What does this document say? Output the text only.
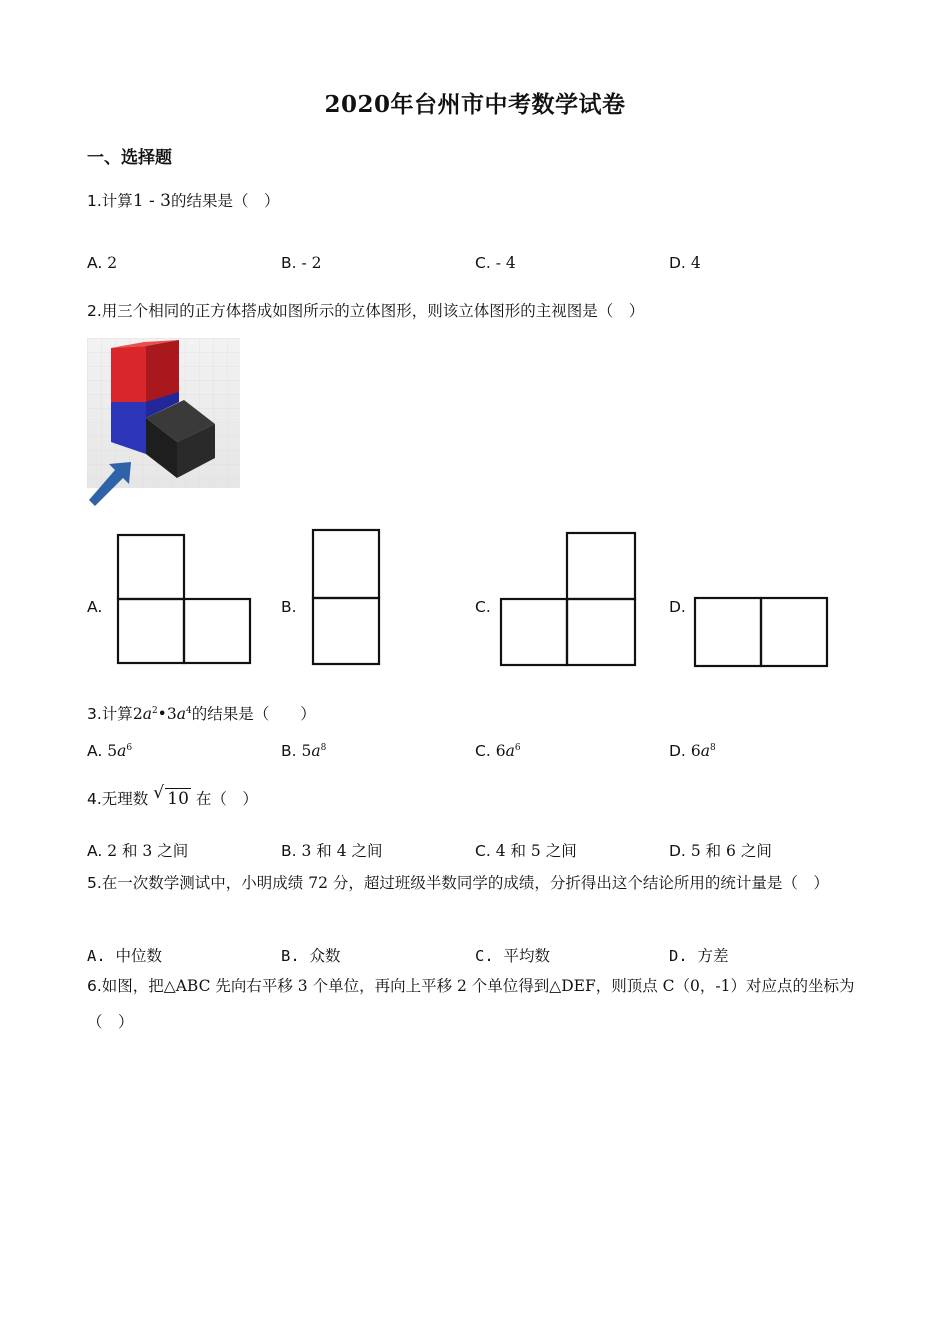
2020年台州市中考数学试卷
一、选择题
1.计算1 - 3的结果是（　）
A. 2	B. - 2	C. - 4	D. 4
2.用三个相同的正方体搭成如图所示的立体图形，则该立体图形的主视图是（　）
A.	B.	C.	D.
3.计算$2a^2•3a^4$的结果是（　　）
A. $5a^6$	B. $5a^8$	C. $6a^6$	D. $6a^8$
4.无理数 √ 10 在（　）
A. 2 和 3 之间	B. 3 和 4 之间	C. 4 和 5 之间	D. 5 和 6 之间
5.在一次数学测试中，小明成绩 72 分，超过班级半数同学的成绩，分折得出这个结论所用的统计量是（　）
A. 中位数	B. 众数	C. 平均数	D. 方差
6.如图，把△ABC 先向右平移 3 个单位，再向上平移 2 个单位得到△DEF，则顶点 C（0，-1）对应点的坐标为（　）
